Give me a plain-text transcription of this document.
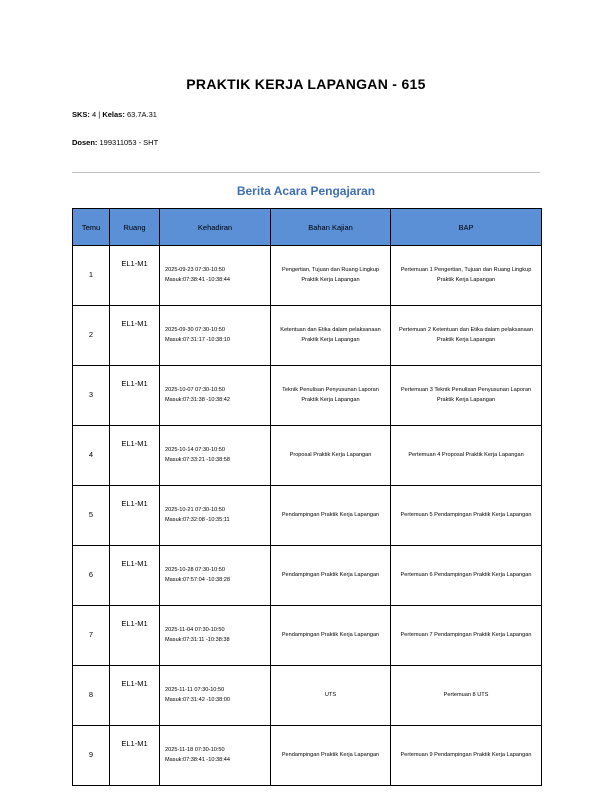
PRAKTIK KERJA LAPANGAN - 615
SKS: 4 | Kelas: 63.7A.31
Dosen: 199311053 - SHT
Berita Acara Pengajaran
Temu	Ruang	Kehadiran	Bahan Kajian	BAP
1	EL1-M1	2025-09-23 07:30-10:50
Masuk:07:38:41 -10:38:44	Pengertian, Tujuan dan Ruang Lingkup Praktik Kerja Lapangan	Pertemuan 1 Pengertian, Tujuan dan Ruang Lingkup Praktik Kerja Lapangan
2	EL1-M1	2025-09-30 07:30-10:50
Masuk:07:31:17 -10:38:10	Ketentuan dan Etika dalam pelaksanaan Praktik Kerja Lapangan	Pertemuan 2 Ketentuan dan Etika dalam pelaksanaan Praktik Kerja Lapangan
3	EL1-M1	2025-10-07 07:30-10:50
Masuk:07:31:38 -10:38:42	Teknik Penulisan Penyusunan Laporan Praktik Kerja Lapangan	Pertemuan 3 Teknik Penulisan Penyusunan Laporan Praktik Kerja Lapangan
4	EL1-M1	2025-10-14 07:30-10:50
Masuk:07:33:21 -10:38:58	Proposal Praktik Kerja Lapangan	Pertemuan 4 Proposal Praktik Kerja Lapangan
5	EL1-M1	2025-10-21 07:30-10:50
Masuk:07:32:08 -10:35:11	Pendampingan Praktik Kerja Lapangan	Pertemuan 5 Pendampingan Praktik Kerja Lapangan
6	EL1-M1	2025-10-28 07:30-10:50
Masuk:07:57:04 -10:38:28	Pendampingan Praktik Kerja Lapangan	Pertemuan 6 Pendampingan Praktik Kerja Lapangan
7	EL1-M1	2025-11-04 07:30-10:50
Masuk:07:31:11 -10:38:38	Pendampingan Praktik Kerja Lapangan	Pertemuan 7 Pendampingan Praktik Kerja Lapangan
8	EL1-M1	2025-11-11 07:30-10:50
Masuk:07:31:42 -10:38:00	UTS	Pertemuan 8 UTS
9	EL1-M1	2025-11-18 07:30-10:50
Masuk:07:38:41 -10:38:44	Pendampingan Praktik Kerja Lapangan	Pertemuan 9 Pendampingan Praktik Kerja Lapangan
